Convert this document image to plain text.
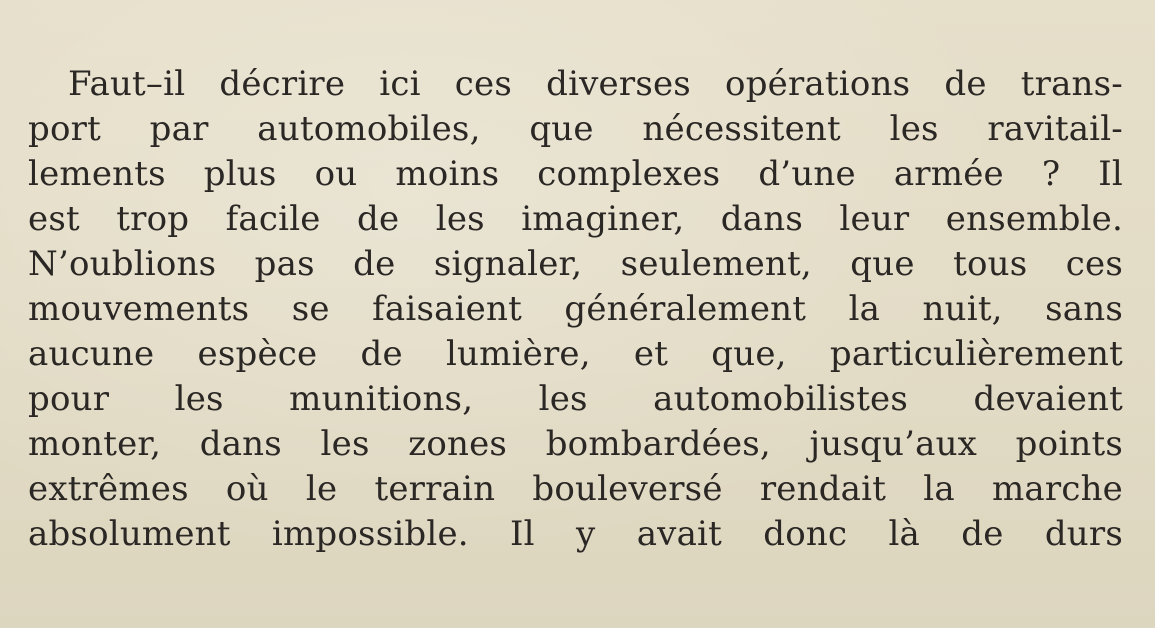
Faut–il décrire ici ces diverses opérations de trans-
port par automobiles, que nécessitent les ravitail-
lements plus ou moins complexes d’une armée ? Il
est trop facile de les imaginer, dans leur ensemble.
N’oublions pas de signaler, seulement, que tous ces
mouvements se faisaient généralement la nuit, sans
aucune espèce de lumière, et que, particulièrement
pour les munitions, les automobilistes devaient
monter, dans les zones bombardées, jusqu’aux points
extrêmes où le terrain bouleversé rendait la marche
absolument impossible. Il y avait donc là de durs
